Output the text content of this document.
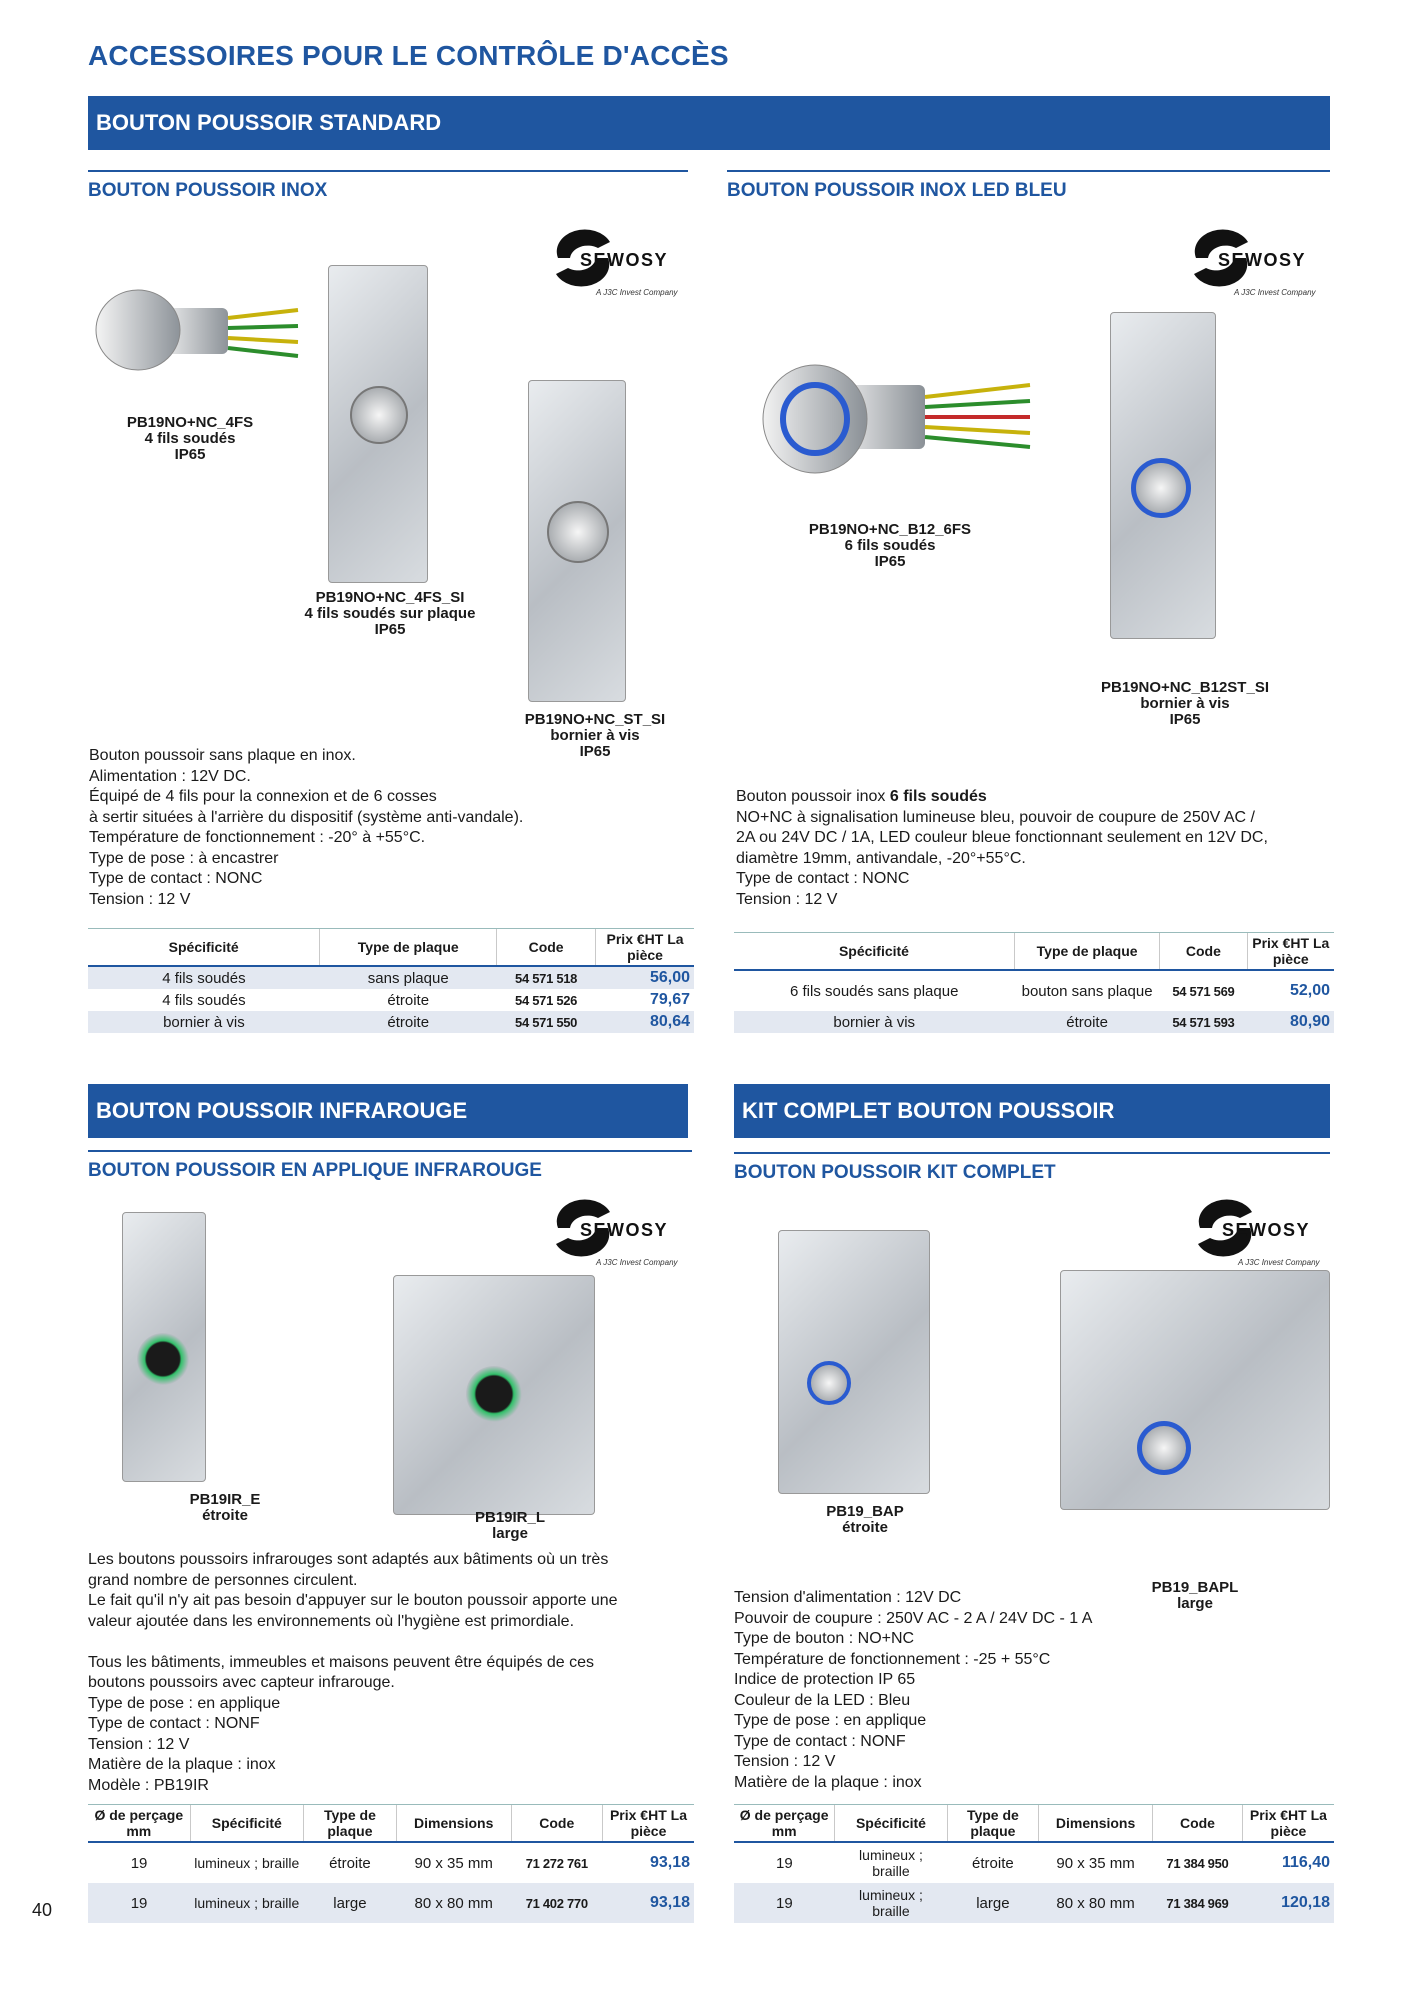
ACCESSOIRES POUR LE CONTRÔLE D'ACCÈS
BOUTON POUSSOIR STANDARD
BOUTON POUSSOIR INOX	BOUTON POUSSOIR INOX LED BLEU
SEWOSY
A J3C Invest Company
SEWOSY
A J3C Invest Company
PB19NO+NC_4FS
4 fils soudés
IP65
PB19NO+NC_4FS_SI
4 fils soudés sur plaque
IP65
PB19NO+NC_ST_SI
bornier à vis
IP65

Bouton poussoir sans plaque en inox.

Alimentation : 12V DC.

Équipé de 4 fils pour la connexion et de 6 cosses

à sertir situées à l'arrière du dispositif (système anti-vandale).

Température de fonctionnement : -20° à +55°C.

Type de pose : à encastrer

Type de contact : NONC

Tension : 12 V

Spécificité	Type de plaque	Code	Prix €HT La pièce
4 fils soudés	sans plaque	54 571 518	56,00
4 fils soudés	étroite	54 571 526	79,67
bornier à vis	étroite	54 571 550	80,64
PB19NO+NC_B12_6FS
6 fils soudés
IP65
PB19NO+NC_B12ST_SI
bornier à vis
IP65

Bouton poussoir inox 6 fils soudés

NO+NC à signalisation lumineuse bleu, pouvoir de coupure de 250V AC /

2A ou 24V DC / 1A, LED couleur bleue fonctionnant seulement en 12V DC,

diamètre 19mm, antivandale, -20°+55°C.

Type de contact : NONC

Tension : 12 V

Spécificité	Type de plaque	Code	Prix €HT La pièce
6 fils soudés sans plaque	bouton sans plaque	54 571 569	52,00
bornier à vis	étroite	54 571 593	80,90
BOUTON POUSSOIR INFRAROUGE
BOUTON POUSSOIR EN APPLIQUE INFRAROUGE
SEWOSY
A J3C Invest Company
PB19IR_E
étroite	PB19IR_L
large

Les boutons poussoirs infrarouges sont adaptés aux bâtiments où un très

grand nombre de personnes circulent.

Le fait qu'il n'y ait pas besoin d'appuyer sur le bouton poussoir apporte une

valeur ajoutée dans les environnements où l'hygiène est primordiale.

Tous les bâtiments, immeubles et maisons peuvent être équipés de ces

boutons poussoirs avec capteur infrarouge.

Type de pose : en applique

Type de contact : NONF

Tension : 12 V

Matière de la plaque : inox

Modèle : PB19IR

Ø de perçage mm	Spécificité	Type de plaque	Dimensions	Code	Prix €HT La pièce
19	lumineux ; braille	étroite	90 x 35 mm	71 272 761	93,18
19	lumineux ; braille	large	80 x 80 mm	71 402 770	93,18
KIT COMPLET BOUTON POUSSOIR
BOUTON POUSSOIR KIT COMPLET
SEWOSY
A J3C Invest Company
PB19_BAP
étroite
PB19_BAPL
large

Tension d'alimentation : 12V DC

Pouvoir de coupure : 250V AC - 2 A / 24V DC - 1 A

Type de bouton : NO+NC

Température de fonctionnement : -25 + 55°C

Indice de protection IP 65

Couleur de la LED : Bleu

Type de pose : en applique

Type de contact : NONF

Tension : 12 V

Matière de la plaque : inox

Ø de perçage mm	Spécificité	Type de plaque	Dimensions	Code	Prix €HT La pièce
19	lumineux ; braille	étroite	90 x 35 mm	71 384 950	116,40
19	lumineux ; braille	large	80 x 80 mm	71 384 969	120,18
40
